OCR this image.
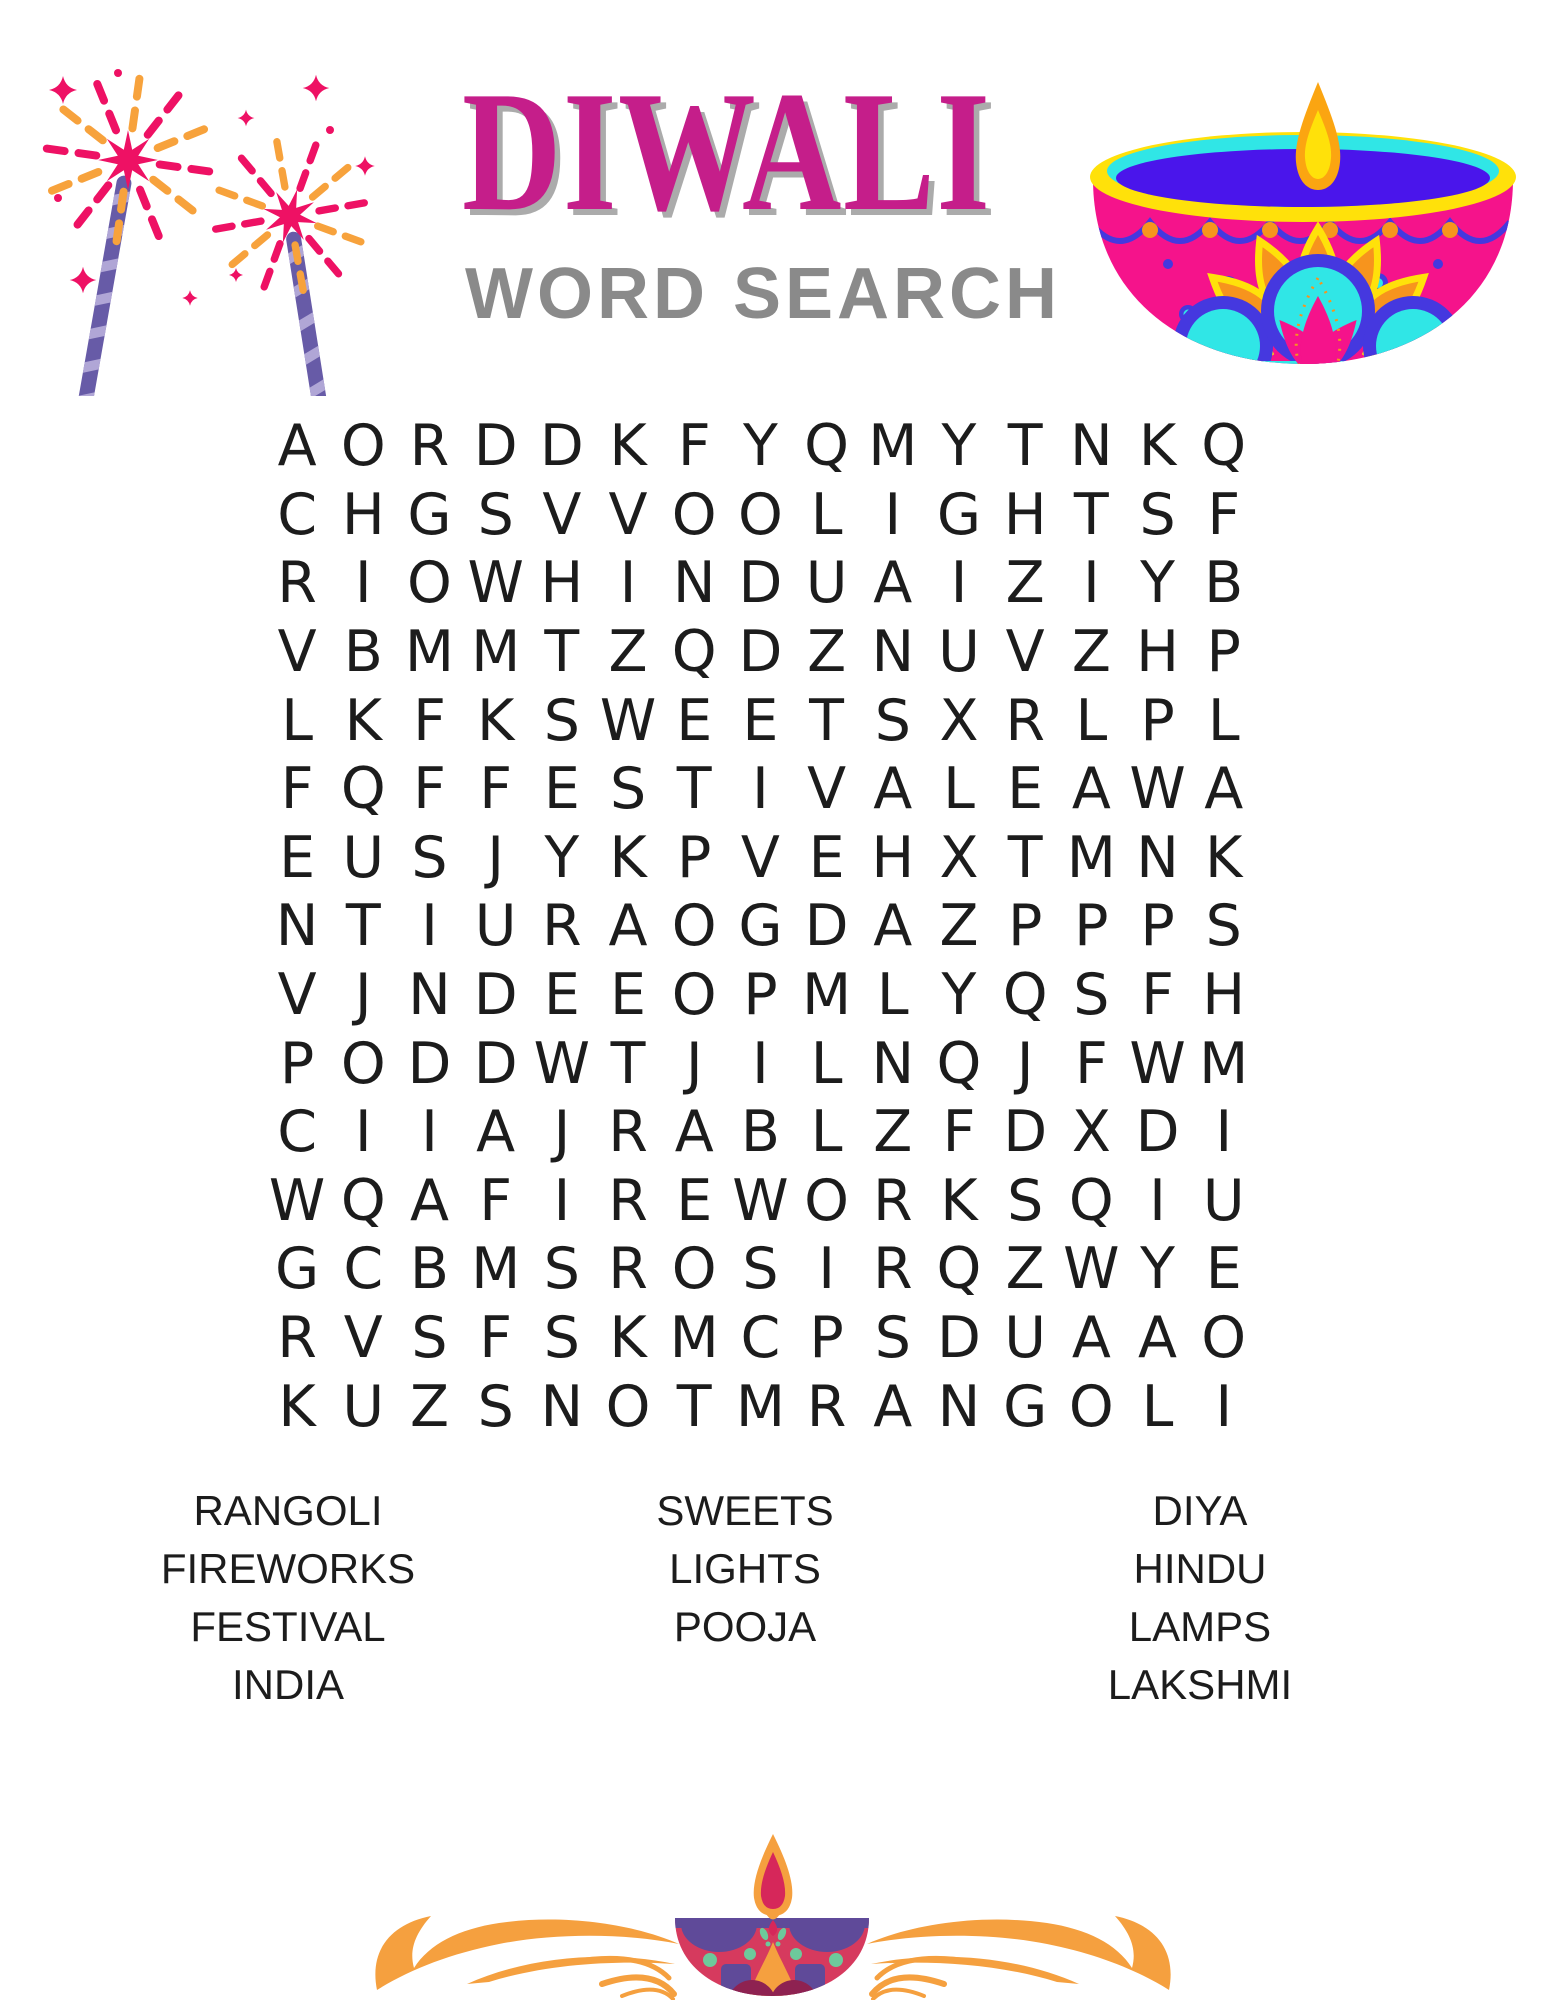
DIWALI
WORD SEARCH
A O R D D K F Y Q M Y T N K Q
C H G S V V O O L I G H T S F
R I O W H I N D U A I Z I Y B
V B M M T Z Q D Z N U V Z H P
L K F K S W E E T S X R L P L
F Q F F E S T I V A L E A W A
E U S J Y K P V E H X T M N K
N T I U R A O G D A Z P P P S
V J N D E E O P M L Y Q S F H
P O D D W T J I L N Q J F W M
C I I A J R A B L Z F D X D I
W Q A F I R E W O R K S Q I U
G C B M S R O S I R Q Z W Y E
R V S F S K M C P S D U A A O
K U Z S N O T M R A N G O L I
RANGOLI
FIREWORKS
FESTIVAL
INDIA
SWEETS
LIGHTS
POOJA
DIYA
HINDU
LAMPS
LAKSHMI
